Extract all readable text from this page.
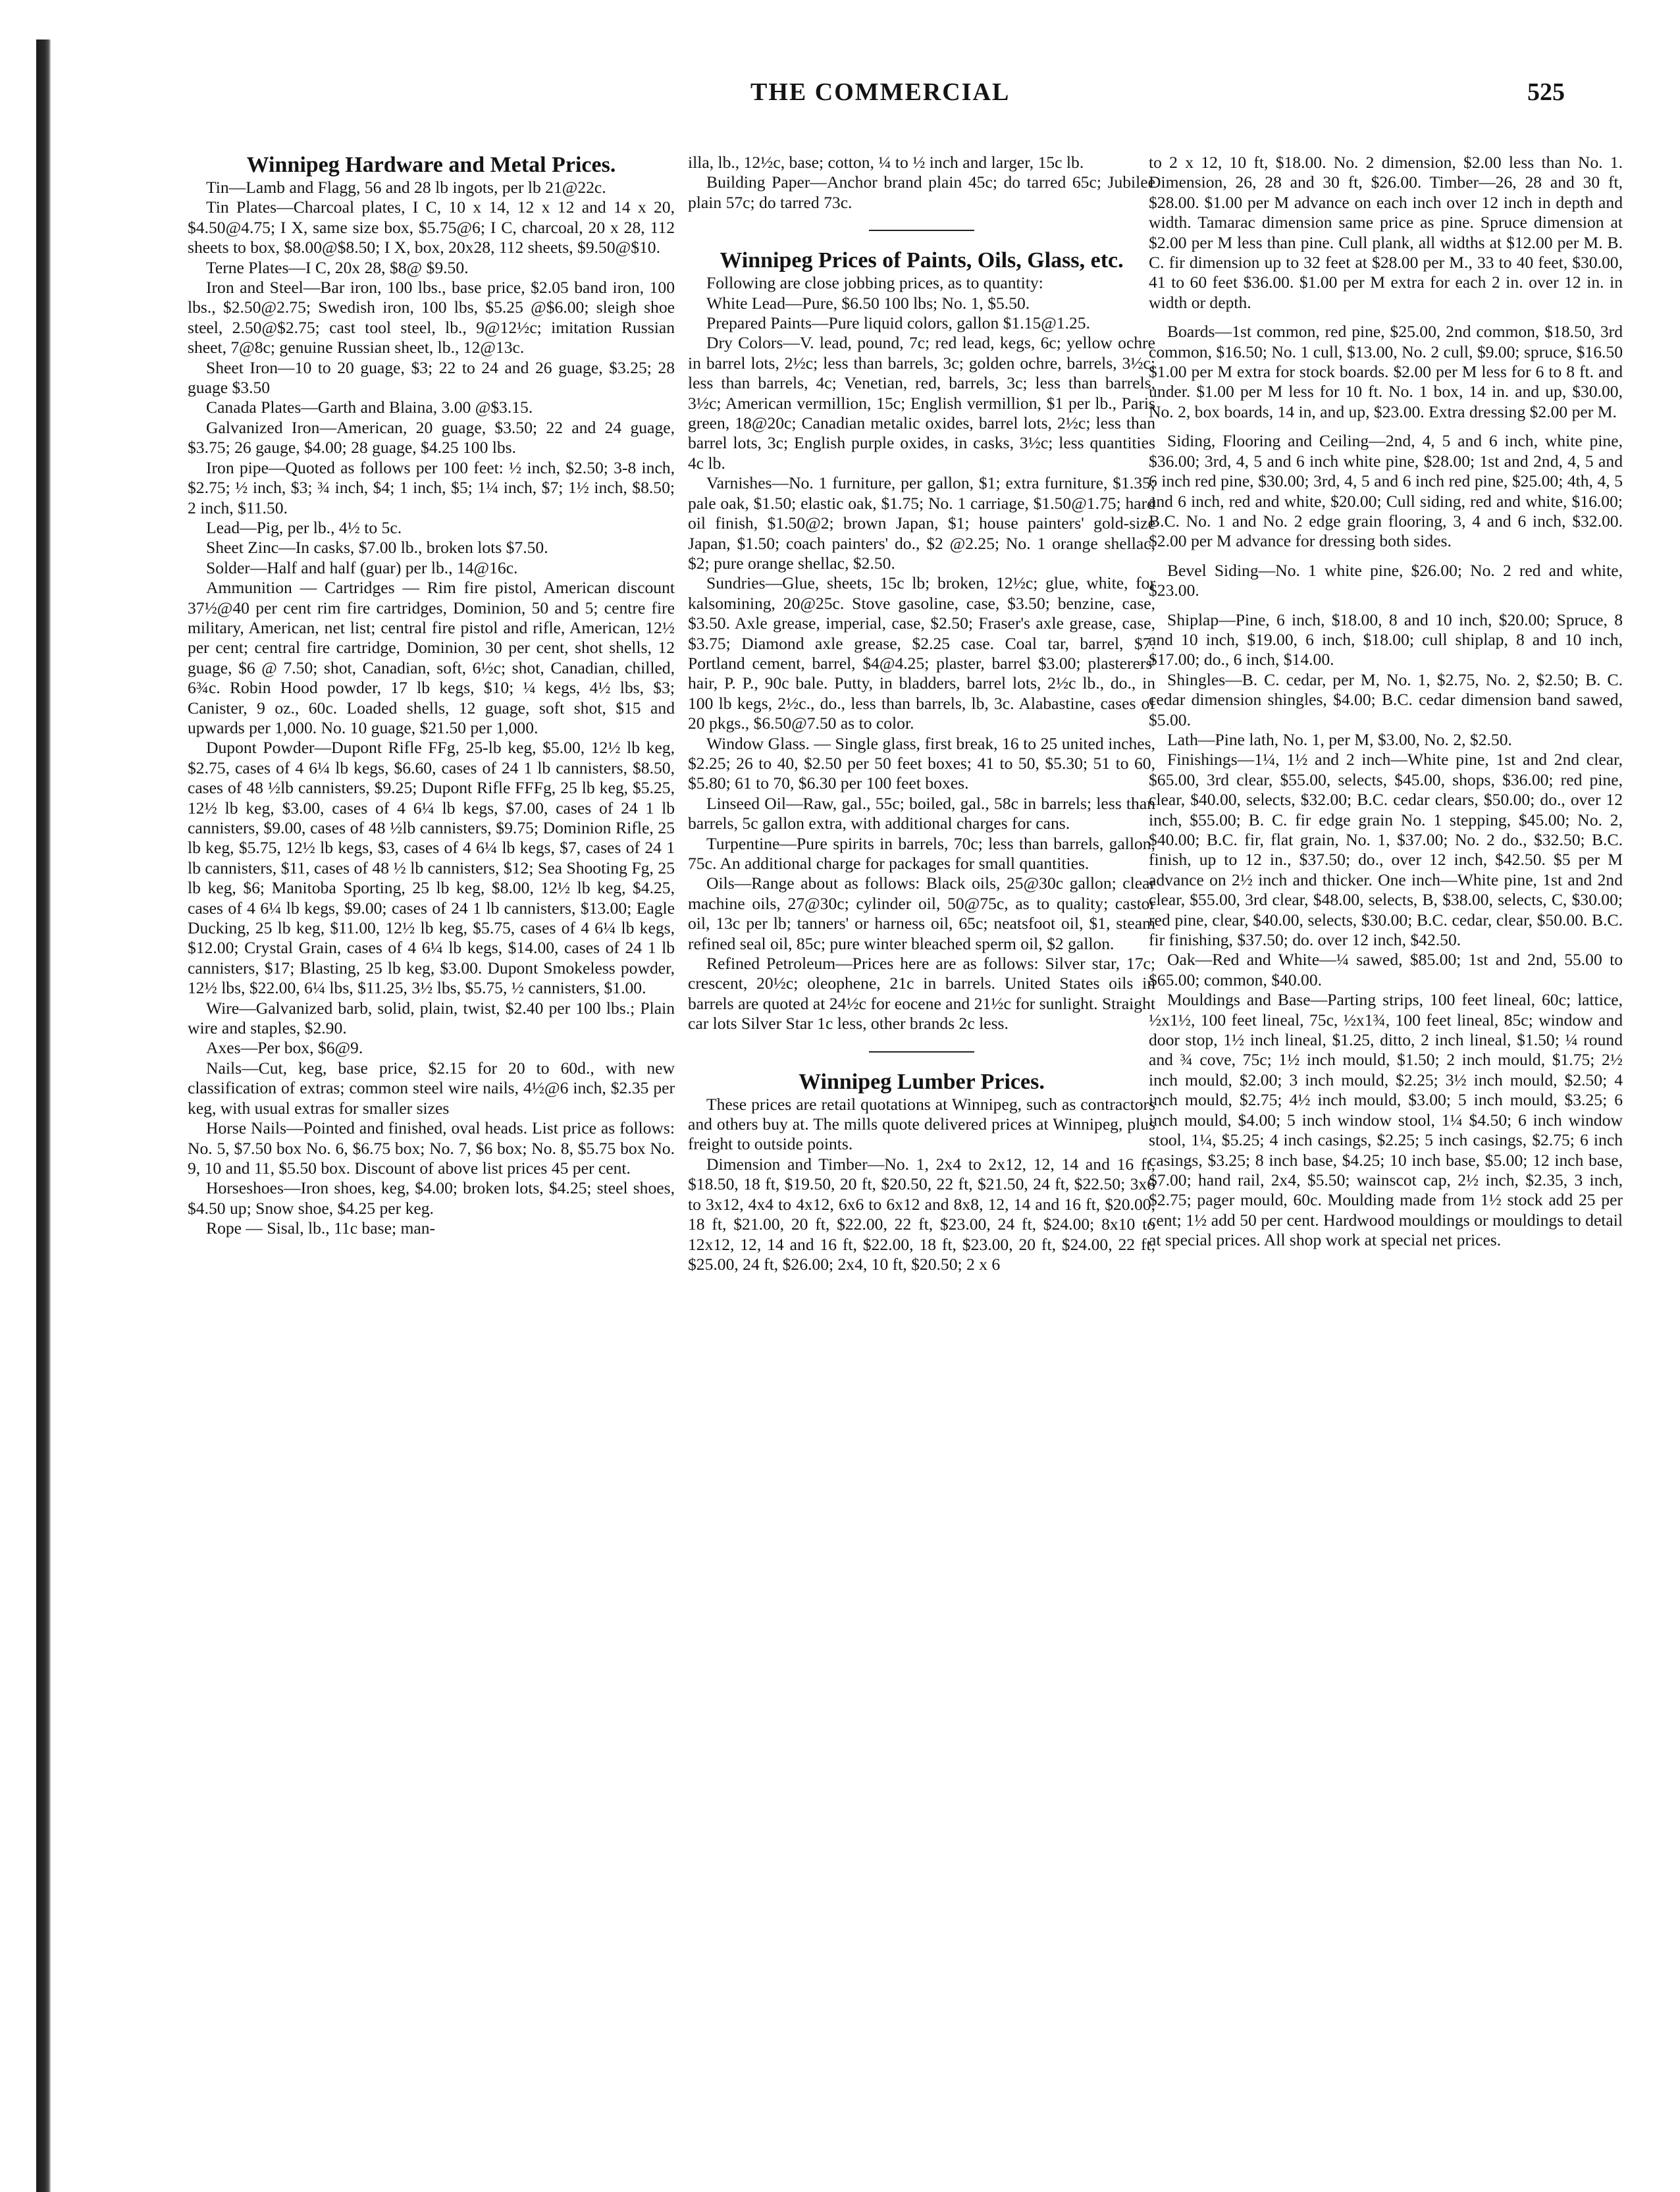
THE COMMERCIAL	525
Winnipeg Hardware and Metal Prices.

Tin—Lamb and Flagg, 56 and 28 lb ingots, per lb 21@22c.

Tin Plates—Charcoal plates, I C, 10 x 14, 12 x 12 and 14 x 20, $4.50@4.75; I X, same size box, $5.75@6; I C, charcoal, 20 x 28, 112 sheets to box, $8.00@$8.50; I X, box, 20x28, 112 sheets, $9.50@$10.

Terne Plates—I C, 20x 28, $8@ $9.50.

Iron and Steel—Bar iron, 100 lbs., base price, $2.05 band iron, 100 lbs., $2.50@2.75; Swedish iron, 100 lbs, $5.25 @$6.00; sleigh shoe steel, 2.50@$2.75; cast tool steel, lb., 9@12½c; imitation Russian sheet, 7@8c; genuine Russian sheet, lb., 12@13c.

Sheet Iron—10 to 20 guage, $3; 22 to 24 and 26 guage, $3.25; 28 guage $3.50

Canada Plates—Garth and Blaina, 3.00 @$3.15.

Galvanized Iron—American, 20 guage, $3.50; 22 and 24 guage, $3.75; 26 gauge, $4.00; 28 guage, $4.25 100 lbs.

Iron pipe—Quoted as follows per 100 feet: ½ inch, $2.50; 3-8 inch, $2.75; ½ inch, $3; ¾ inch, $4; 1 inch, $5; 1¼ inch, $7; 1½ inch, $8.50; 2 inch, $11.50.

Lead—Pig, per lb., 4½ to 5c.

Sheet Zinc—In casks, $7.00 lb., broken lots $7.50.

Solder—Half and half (guar) per lb., 14@16c.

Ammunition — Cartridges — Rim fire pistol, American discount 37½@40 per cent rim fire cartridges, Dominion, 50 and 5; centre fire military, American, net list; central fire pistol and rifle, American, 12½ per cent; central fire cartridge, Dominion, 30 per cent, shot shells, 12 guage, $6 @ 7.50; shot, Canadian, soft, 6½c; shot, Canadian, chilled, 6¾c. Robin Hood powder, 17 lb kegs, $10; ¼ kegs, 4½ lbs, $3; Canister, 9 oz., 60c. Loaded shells, 12 guage, soft shot, $15 and upwards per 1,000. No. 10 guage, $21.50 per 1,000.

Dupont Powder—Dupont Rifle FFg, 25-lb keg, $5.00, 12½ lb keg, $2.75, cases of 4 6¼ lb kegs, $6.60, cases of 24 1 lb cannisters, $8.50, cases of 48 ½lb cannisters, $9.25; Dupont Rifle FFFg, 25 lb keg, $5.25, 12½ lb keg, $3.00, cases of 4 6¼ lb kegs, $7.00, cases of 24 1 lb cannisters, $9.00, cases of 48 ½lb cannisters, $9.75; Dominion Rifle, 25 lb keg, $5.75, 12½ lb kegs, $3, cases of 4 6¼ lb kegs, $7, cases of 24 1 lb cannisters, $11, cases of 48 ½ lb cannisters, $12; Sea Shooting Fg, 25 lb keg, $6; Manitoba Sporting, 25 lb keg, $8.00, 12½ lb keg, $4.25, cases of 4 6¼ lb kegs, $9.00; cases of 24 1 lb cannisters, $13.00; Eagle Ducking, 25 lb keg, $11.00, 12½ lb keg, $5.75, cases of 4 6¼ lb kegs, $12.00; Crystal Grain, cases of 4 6¼ lb kegs, $14.00, cases of 24 1 lb cannisters, $17; Blasting, 25 lb keg, $3.00. Dupont Smokeless powder, 12½ lbs, $22.00, 6¼ lbs, $11.25, 3½ lbs, $5.75, ½ cannisters, $1.00.

Wire—Galvanized barb, solid, plain, twist, $2.40 per 100 lbs.; Plain wire and staples, $2.90.

Axes—Per box, $6@9.

Nails—Cut, keg, base price, $2.15 for 20 to 60d., with new classification of extras; common steel wire nails, 4½@6 inch, $2.35 per keg, with usual extras for smaller sizes

Horse Nails—Pointed and finished, oval heads. List price as follows: No. 5, $7.50 box No. 6, $6.75 box; No. 7, $6 box; No. 8, $5.75 box No. 9, 10 and 11, $5.50 box. Discount of above list prices 45 per cent.

Horseshoes—Iron shoes, keg, $4.00; broken lots, $4.25; steel shoes, $4.50 up; Snow shoe, $4.25 per keg.

Rope — Sisal, lb., 11c base; man-

illa, lb., 12½c, base; cotton, ¼ to ½ inch and larger, 15c lb.

Building Paper—Anchor brand plain 45c; do tarred 65c; Jubilee plain 57c; do tarred 73c.

Winnipeg Prices of Paints, Oils, Glass, etc.

Following are close jobbing prices, as to quantity:

White Lead—Pure, $6.50 100 lbs; No. 1, $5.50.

Prepared Paints—Pure liquid colors, gallon $1.15@1.25.

Dry Colors—V. lead, pound, 7c; red lead, kegs, 6c; yellow ochre in barrel lots, 2½c; less than barrels, 3c; golden ochre, barrels, 3½c; less than barrels, 4c; Venetian, red, barrels, 3c; less than barrels, 3½c; American vermillion, 15c; English vermillion, $1 per lb., Paris green, 18@20c; Canadian metalic oxides, barrel lots, 2½c; less than barrel lots, 3c; English purple oxides, in casks, 3½c; less quantities 4c lb.

Varnishes—No. 1 furniture, per gallon, $1; extra furniture, $1.35; pale oak, $1.50; elastic oak, $1.75; No. 1 carriage, $1.50@1.75; hard oil finish, $1.50@2; brown Japan, $1; house painters' gold-size Japan, $1.50; coach painters' do., $2 @2.25; No. 1 orange shellac, $2; pure orange shellac, $2.50.

Sundries—Glue, sheets, 15c lb; broken, 12½c; glue, white, for kalsomining, 20@25c. Stove gasoline, case, $3.50; benzine, case, $3.50. Axle grease, imperial, case, $2.50; Fraser's axle grease, case, $3.75; Diamond axle grease, $2.25 case. Coal tar, barrel, $7. Portland cement, barrel, $4@4.25; plaster, barrel $3.00; plasterers' hair, P. P., 90c bale. Putty, in bladders, barrel lots, 2½c lb., do., in 100 lb kegs, 2½c., do., less than barrels, lb, 3c. Alabastine, cases of 20 pkgs., $6.50@7.50 as to color.

Window Glass. — Single glass, first break, 16 to 25 united inches, $2.25; 26 to 40, $2.50 per 50 feet boxes; 41 to 50, $5.30; 51 to 60, $5.80; 61 to 70, $6.30 per 100 feet boxes.

Linseed Oil—Raw, gal., 55c; boiled, gal., 58c in barrels; less than barrels, 5c gallon extra, with additional charges for cans.

Turpentine—Pure spirits in barrels, 70c; less than barrels, gallon, 75c. An additional charge for packages for small quantities.

Oils—Range about as follows: Black oils, 25@30c gallon; clear machine oils, 27@30c; cylinder oil, 50@75c, as to quality; castor oil, 13c per lb; tanners' or harness oil, 65c; neatsfoot oil, $1, steam refined seal oil, 85c; pure winter bleached sperm oil, $2 gallon.

Refined Petroleum—Prices here are as follows: Silver star, 17c; crescent, 20½c; oleophene, 21c in barrels. United States oils in barrels are quoted at 24½c for eocene and 21½c for sunlight. Straight car lots Silver Star 1c less, other brands 2c less.

Winnipeg Lumber Prices.

These prices are retail quotations at Winnipeg, such as contractors and others buy at. The mills quote delivered prices at Winnipeg, plus freight to outside points.

Dimension and Timber—No. 1, 2x4 to 2x12, 12, 14 and 16 ft, $18.50, 18 ft, $19.50, 20 ft, $20.50, 22 ft, $21.50, 24 ft, $22.50; 3x6 to 3x12, 4x4 to 4x12, 6x6 to 6x12 and 8x8, 12, 14 and 16 ft, $20.00, 18 ft, $21.00, 20 ft, $22.00, 22 ft, $23.00, 24 ft, $24.00; 8x10 to 12x12, 12, 14 and 16 ft, $22.00, 18 ft, $23.00, 20 ft, $24.00, 22 ft, $25.00, 24 ft, $26.00; 2x4, 10 ft, $20.50; 2 x 6

to 2 x 12, 10 ft, $18.00. No. 2 dimension, $2.00 less than No. 1. Dimension, 26, 28 and 30 ft, $26.00. Timber—26, 28 and 30 ft, $28.00. $1.00 per M advance on each inch over 12 inch in depth and width. Tamarac dimension same price as pine. Spruce dimension at $2.00 per M less than pine. Cull plank, all widths at $12.00 per M. B. C. fir dimension up to 32 feet at $28.00 per M., 33 to 40 feet, $30.00, 41 to 60 feet $36.00. $1.00 per M extra for each 2 in. over 12 in. in width or depth.

Boards—1st common, red pine, $25.00, 2nd common, $18.50, 3rd common, $16.50; No. 1 cull, $13.00, No. 2 cull, $9.00; spruce, $16.50 $1.00 per M extra for stock boards. $2.00 per M less for 6 to 8 ft. and under. $1.00 per M less for 10 ft. No. 1 box, 14 in. and up, $30.00, No. 2, box boards, 14 in, and up, $23.00. Extra dressing $2.00 per M.

Siding, Flooring and Ceiling—2nd, 4, 5 and 6 inch, white pine, $36.00; 3rd, 4, 5 and 6 inch white pine, $28.00; 1st and 2nd, 4, 5 and 6 inch red pine, $30.00; 3rd, 4, 5 and 6 inch red pine, $25.00; 4th, 4, 5 and 6 inch, red and white, $20.00; Cull siding, red and white, $16.00; B.C. No. 1 and No. 2 edge grain flooring, 3, 4 and 6 inch, $32.00. $2.00 per M advance for dressing both sides.

Bevel Siding—No. 1 white pine, $26.00; No. 2 red and white, $23.00.

Shiplap—Pine, 6 inch, $18.00, 8 and 10 inch, $20.00; Spruce, 8 and 10 inch, $19.00, 6 inch, $18.00; cull shiplap, 8 and 10 inch, $17.00; do., 6 inch, $14.00.

Shingles—B. C. cedar, per M, No. 1, $2.75, No. 2, $2.50; B. C. cedar dimension shingles, $4.00; B.C. cedar dimension band sawed, $5.00.

Lath—Pine lath, No. 1, per M, $3.00, No. 2, $2.50.

Finishings—1¼, 1½ and 2 inch—White pine, 1st and 2nd clear, $65.00, 3rd clear, $55.00, selects, $45.00, shops, $36.00; red pine, clear, $40.00, selects, $32.00; B.C. cedar clears, $50.00; do., over 12 inch, $55.00; B. C. fir edge grain No. 1 stepping, $45.00; No. 2, $40.00; B.C. fir, flat grain, No. 1, $37.00; No. 2 do., $32.50; B.C. finish, up to 12 in., $37.50; do., over 12 inch, $42.50. $5 per M advance on 2½ inch and thicker. One inch—White pine, 1st and 2nd clear, $55.00, 3rd clear, $48.00, selects, B, $38.00, selects, C, $30.00; red pine, clear, $40.00, selects, $30.00; B.C. cedar, clear, $50.00. B.C. fir finishing, $37.50; do. over 12 inch, $42.50.

Oak—Red and White—¼ sawed, $85.00; 1st and 2nd, 55.00 to $65.00; common, $40.00.

Mouldings and Base—Parting strips, 100 feet lineal, 60c; lattice, ½x1½, 100 feet lineal, 75c, ½x1¾, 100 feet lineal, 85c; window and door stop, 1½ inch lineal, $1.25, ditto, 2 inch lineal, $1.50; ¼ round and ¾ cove, 75c; 1½ inch mould, $1.50; 2 inch mould, $1.75; 2½ inch mould, $2.00; 3 inch mould, $2.25; 3½ inch mould, $2.50; 4 inch mould, $2.75; 4½ inch mould, $3.00; 5 inch mould, $3.25; 6 inch mould, $4.00; 5 inch window stool, 1¼ $4.50; 6 inch window stool, 1¼, $5.25; 4 inch casings, $2.25; 5 inch casings, $2.75; 6 inch casings, $3.25; 8 inch base, $4.25; 10 inch base, $5.00; 12 inch base, $7.00; hand rail, 2x4, $5.50; wainscot cap, 2½ inch, $2.35, 3 inch, $2.75; pager mould, 60c. Moulding made from 1½ stock add 25 per cent; 1½ add 50 per cent. Hardwood mouldings or mouldings to detail at special prices. All shop work at special net prices.
